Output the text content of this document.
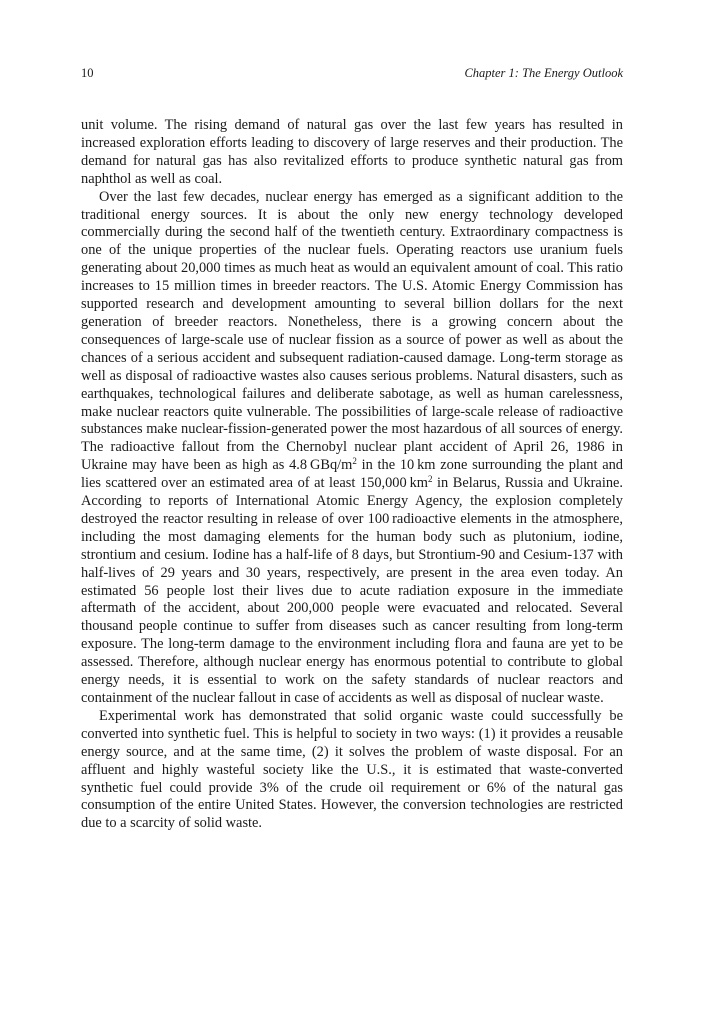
10	Chapter 1: The Energy Outlook

unit volume. The rising demand of natural gas over the last few years has resulted in increased exploration efforts leading to discovery of large reserves and their production. The demand for natural gas has also revitalized efforts to produce synthetic natural gas from naphthol as well as coal.

Over the last few decades, nuclear energy has emerged as a significant addition to the traditional energy sources. It is about the only new energy technology developed commercially during the second half of the twentieth century. Extraordinary compactness is one of the unique properties of the nuclear fuels. Operating reactors use uranium fuels generating about 20,000 times as much heat as would an equivalent amount of coal. This ratio increases to 15 million times in breeder reactors. The U.S. Atomic Energy Commission has supported research and development amounting to several billion dollars for the next generation of breeder reactors. Nonetheless, there is a growing concern about the consequences of large-scale use of nuclear fission as a source of power as well as about the chances of a serious accident and subsequent radiation-caused damage. Long-term storage as well as disposal of radioactive wastes also causes serious problems. Natural disasters, such as earthquakes, technological failures and deliberate sabotage, as well as human carelessness, make nuclear reactors quite vulnerable. The possibilities of large-scale release of radioactive substances make nuclear-fission-generated power the most hazardous of all sources of energy. The radioactive fallout from the Chernobyl nuclear plant accident of April 26, 1986 in Ukraine may have been as high as 4.8 GBq/$m^2$ in the 10 km zone surrounding the plant and lies scattered over an estimated area of at least 150,000 $km^2$ in Belarus, Russia and Ukraine. According to reports of International Atomic Energy Agency, the explosion completely destroyed the reactor resulting in release of over 100 radioactive elements in the atmosphere, including the most damaging elements for the human body such as plutonium, iodine, strontium and cesium. Iodine has a half-life of 8 days, but Strontium-90 and Cesium-137 with half-lives of 29 years and 30 years, respectively, are present in the area even today. An estimated 56 people lost their lives due to acute radiation exposure in the immediate aftermath of the accident, about 200,000 people were evacuated and relocated. Several thousand people continue to suffer from diseases such as cancer resulting from long-term exposure. The long-term damage to the environment including flora and fauna are yet to be assessed. Therefore, although nuclear energy has enormous potential to contribute to global energy needs, it is essential to work on the safety standards of nuclear reactors and containment of the nuclear fallout in case of accidents as well as disposal of nuclear waste.

Experimental work has demonstrated that solid organic waste could successfully be converted into synthetic fuel. This is helpful to society in two ways: (1) it provides a reusable energy source, and at the same time, (2) it solves the problem of waste disposal. For an affluent and highly wasteful society like the U.S., it is estimated that waste-converted synthetic fuel could provide 3% of the crude oil requirement or 6% of the natural gas consumption of the entire United States. However, the conversion technologies are restricted due to a scarcity of solid waste.
